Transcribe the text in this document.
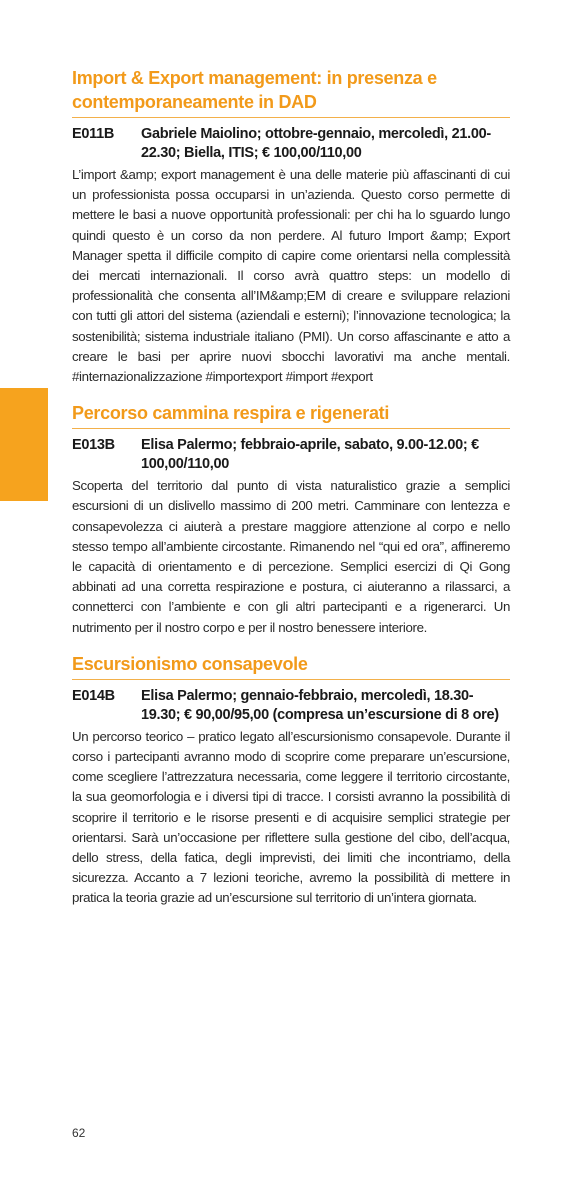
Import & Export management: in presenza e contemporaneamente in DAD
E011B	Gabriele Maiolino; ottobre-gennaio, mercoledì, 21.00-22.30; Biella, ITIS; € 100,00/110,00

L’import &amp; export management è una delle materie più affascinanti di cui un professionista possa occuparsi in un’azienda. Questo corso permette di mettere le basi a nuove opportunità professionali: per chi ha lo sguardo lungo quindi questo è un corso da non perdere. Al futuro Import &amp; Export Manager spetta il difficile compito di capire come orientarsi nella complessità dei mercati internazionali. Il corso avrà quattro steps: un modello di professionalità che consenta all’IM&amp;EM di creare e sviluppare relazioni con tutti gli attori del sistema (aziendali e esterni); l’innovazione tecnologica; la sostenibilità; sistema industriale italiano (PMI). Un corso affascinante e atto a creare le basi per aprire nuovi sbocchi lavorativi ma anche mentali. #internazionalizzazione #importexport #import #export

Percorso cammina respira e rigenerati
E013B	Elisa Palermo; febbraio-aprile, sabato, 9.00-12.00; € 100,00/110,00

Scoperta del territorio dal punto di vista naturalistico grazie a semplici escursioni di un dislivello massimo di 200 metri. Camminare con lentezza e consapevolezza ci aiuterà a prestare maggiore attenzione al corpo e nello stesso tempo all’ambiente circostante. Rimanendo nel “qui ed ora”, affineremo le capacità di orientamento e di percezione. Semplici esercizi di Qi Gong abbinati ad una corretta respirazione e postura, ci aiuteranno a rilassarci, a connetterci con l’ambiente e con gli altri partecipanti e a rigenerarci. Un nutrimento per il nostro corpo e per il nostro benessere interiore.

Escursionismo consapevole
E014B	Elisa Palermo; gennaio-febbraio, mercoledì, 18.30-19.30; € 90,00/95,00 (compresa un’escursione di 8 ore)

Un percorso teorico – pratico legato all’escursionismo consapevole. Durante il corso i partecipanti avranno modo di scoprire come preparare un’escursione, come scegliere l’attrezzatura necessaria, come leggere il territorio circostante, la sua geomorfologia e i diversi tipi di tracce. I corsisti avranno la possibilità di scoprire il territorio e le risorse presenti e di acquisire semplici strategie per orientarsi. Sarà un’occasione per riflettere sulla gestione del cibo, dell’acqua, dello stress, della fatica, degli imprevisti, dei limiti che incontriamo, della sicurezza. Accanto a 7 lezioni teoriche, avremo la possibilità di mettere in pratica la teoria grazie ad un’escursione sul territorio di un’intera giornata.

62
